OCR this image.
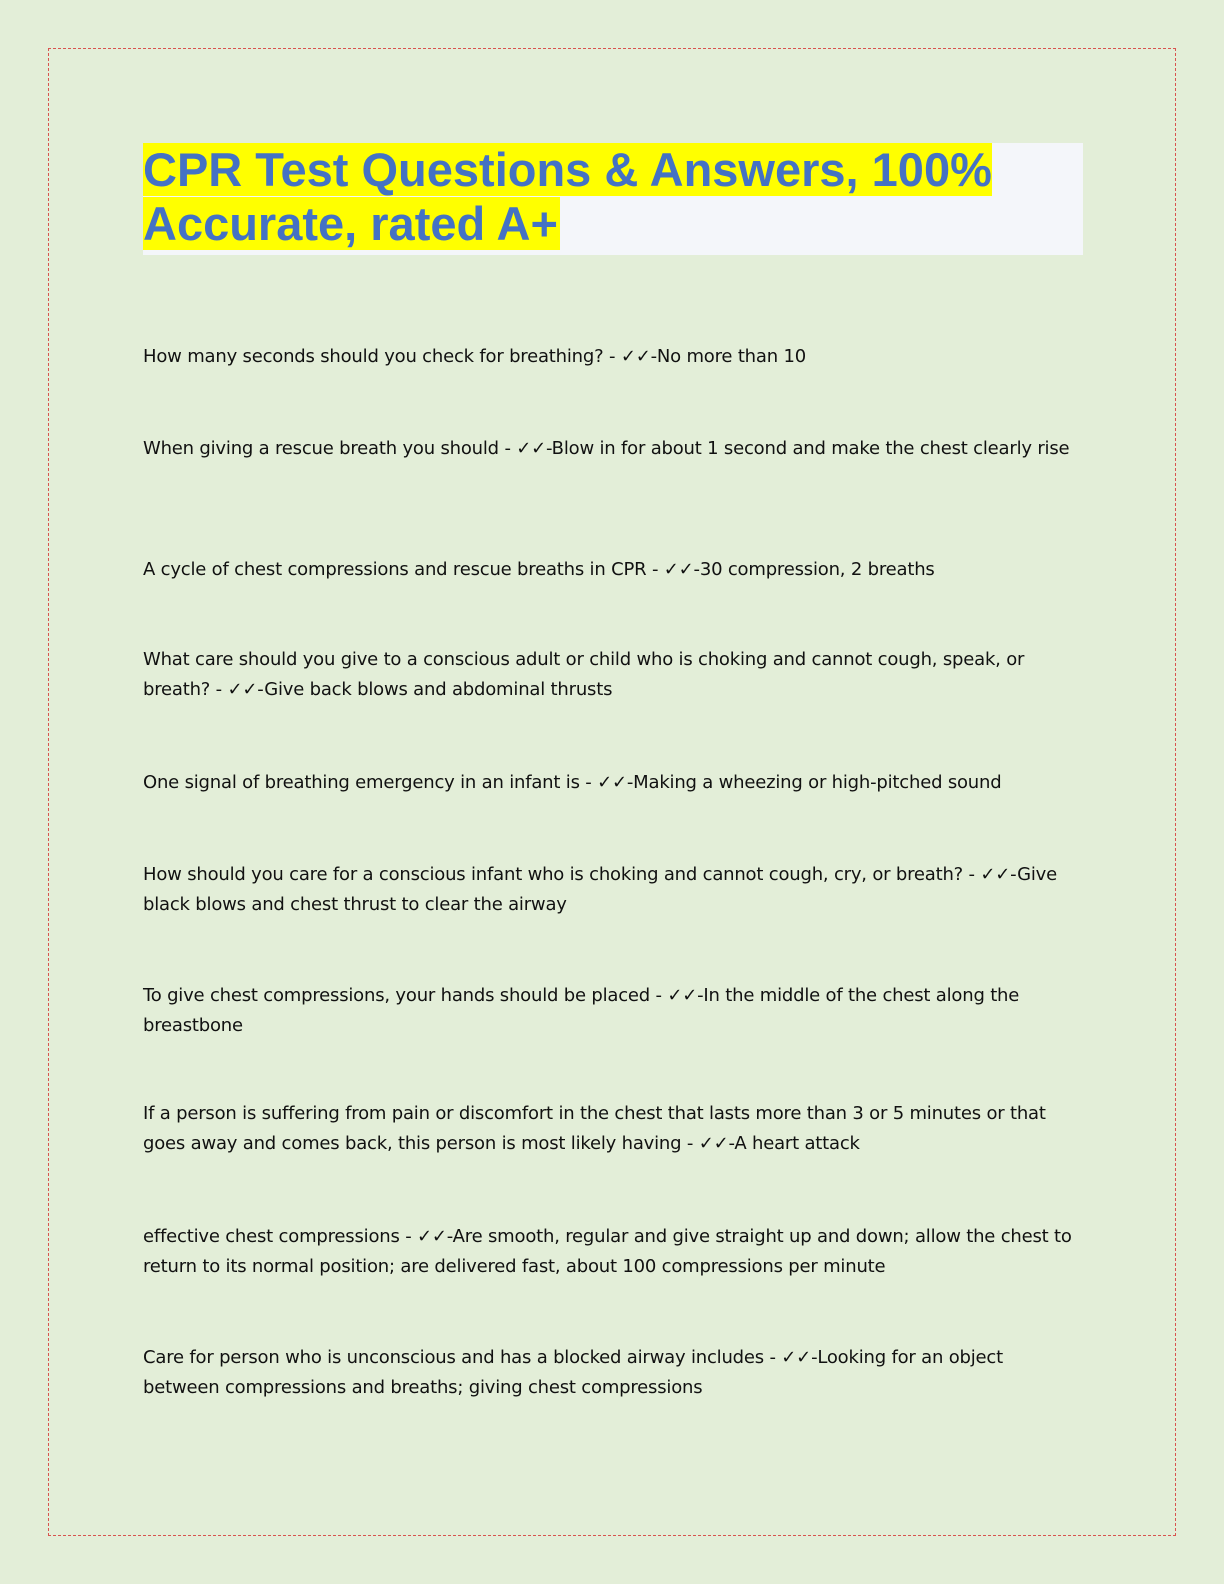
CPR Test Questions & Answers, 100% Accurate, rated A+
How many seconds should you check for breathing? - ✓✓-No more than 10
When giving a rescue breath you should - ✓✓-Blow in for about 1 second and make the chest clearly rise
A cycle of chest compressions and rescue breaths in CPR - ✓✓-30 compression, 2 breaths
What care should you give to a conscious adult or child who is choking and cannot cough, speak, or breath? - ✓✓-Give back blows and abdominal thrusts
One signal of breathing emergency in an infant is - ✓✓-Making a wheezing or high-pitched sound
How should you care for a conscious infant who is choking and cannot cough, cry, or breath? - ✓✓-Give black blows and chest thrust to clear the airway
To give chest compressions, your hands should be placed - ✓✓-In the middle of the chest along the breastbone
If a person is suffering from pain or discomfort in the chest that lasts more than 3 or 5 minutes or that goes away and comes back, this person is most likely having - ✓✓-A heart attack
effective chest compressions - ✓✓-Are smooth, regular and give straight up and down; allow the chest to return to its normal position; are delivered fast, about 100 compressions per minute
Care for person who is unconscious and has a blocked airway includes - ✓✓-Looking for an object between compressions and breaths; giving chest compressions
